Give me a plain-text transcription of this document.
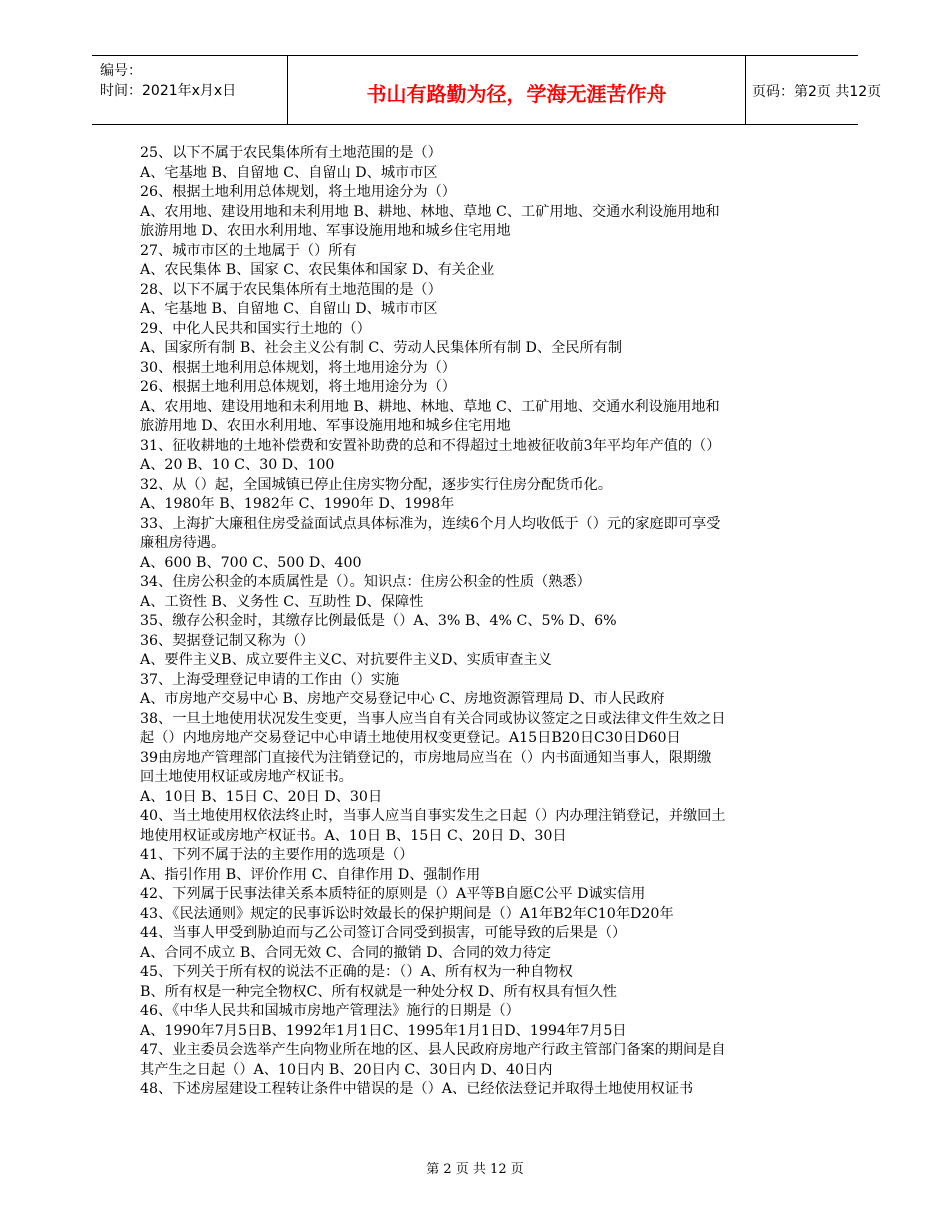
编号：
时间：2021年x月x日	书山有路勤为径，学海无涯苦作舟	页码：第2页 共12页
25、以下不属于农民集体所有土地范围的是（）
A、宅基地 B、自留地 C、自留山 D、城市市区
26、根据土地利用总体规划，将土地用途分为（）
A、农用地、建设用地和未利用地 B、耕地、林地、草地 C、工矿用地、交通水利设施用地和
旅游用地 D、农田水利用地、军事设施用地和城乡住宅用地
27、城市市区的土地属于（）所有
A、农民集体 B、国家 C、农民集体和国家 D、有关企业
28、以下不属于农民集体所有土地范围的是（）
A、宅基地 B、自留地 C、自留山 D、城市市区
29、中化人民共和国实行土地的（）
A、国家所有制 B、社会主义公有制 C、劳动人民集体所有制 D、全民所有制
30、根据土地利用总体规划，将土地用途分为（）
26、根据土地利用总体规划，将土地用途分为（）
A、农用地、建设用地和未利用地 B、耕地、林地、草地 C、工矿用地、交通水利设施用地和
旅游用地 D、农田水利用地、军事设施用地和城乡住宅用地
31、征收耕地的土地补偿费和安置补助费的总和不得超过土地被征收前3年平均年产值的（）
A、20 B、10 C、30 D、100
32、从（）起，全国城镇已停止住房实物分配，逐步实行住房分配货币化。
A、1980年 B、1982年 C、1990年 D、1998年
33、上海扩大廉租住房受益面试点具体标准为，连续6个月人均收低于（）元的家庭即可享受
廉租房待遇。
A、600 B、700 C、500 D、400
34、住房公积金的本质属性是（）。知识点：住房公积金的性质（熟悉）
A、工资性 B、义务性 C、互助性 D、保障性
35、缴存公积金时，其缴存比例最低是（）A、3% B、4% C、5% D、6%
36、契据登记制又称为（）
A、要件主义B、成立要件主义C、对抗要件主义D、实质审查主义
37、上海受理登记申请的工作由（）实施
A、市房地产交易中心 B、房地产交易登记中心 C、房地资源管理局 D、市人民政府
38、一旦土地使用状况发生变更，当事人应当自有关合同或协议签定之日或法律文件生效之日
起（）内地房地产交易登记中心申请土地使用权变更登记。A15日B20日C30日D60日
39由房地产管理部门直接代为注销登记的，市房地局应当在（）内书面通知当事人，限期缴
回土地使用权证或房地产权证书。
A、10日 B、15日 C、20日 D、30日
40、当土地使用权依法终止时，当事人应当自事实发生之日起（）内办理注销登记，并缴回土
地使用权证或房地产权证书。A、10日 B、15日 C、20日 D、30日
41、下列不属于法的主要作用的选项是（）
A、指引作用 B、评价作用 C、自律作用 D、强制作用
42、下列属于民事法律关系本质特征的原则是（）A平等B自愿C公平 D诚实信用
43、《民法通则》规定的民事诉讼时效最长的保护期间是（）A1年B2年C10年D20年
44、当事人甲受到胁迫而与乙公司签订合同受到损害，可能导致的后果是（）
A、合同不成立 B、合同无效 C、合同的撤销 D、合同的效力待定
45、下列关于所有权的说法不正确的是：（）A、所有权为一种自物权
B、所有权是一种完全物权C、所有权就是一种处分权 D、所有权具有恒久性
46、《中华人民共和国城市房地产管理法》施行的日期是（）
A、1990年7月5日B、1992年1月1日C、1995年1月1日D、1994年7月5日
47、业主委员会选举产生向物业所在地的区、县人民政府房地产行政主管部门备案的期间是自
其产生之日起（）A、10日内 B、20日内 C、30日内 D、40日内
48、下述房屋建设工程转让条件中错误的是（）A、已经依法登记并取得土地使用权证书
第 2 页 共 12 页
